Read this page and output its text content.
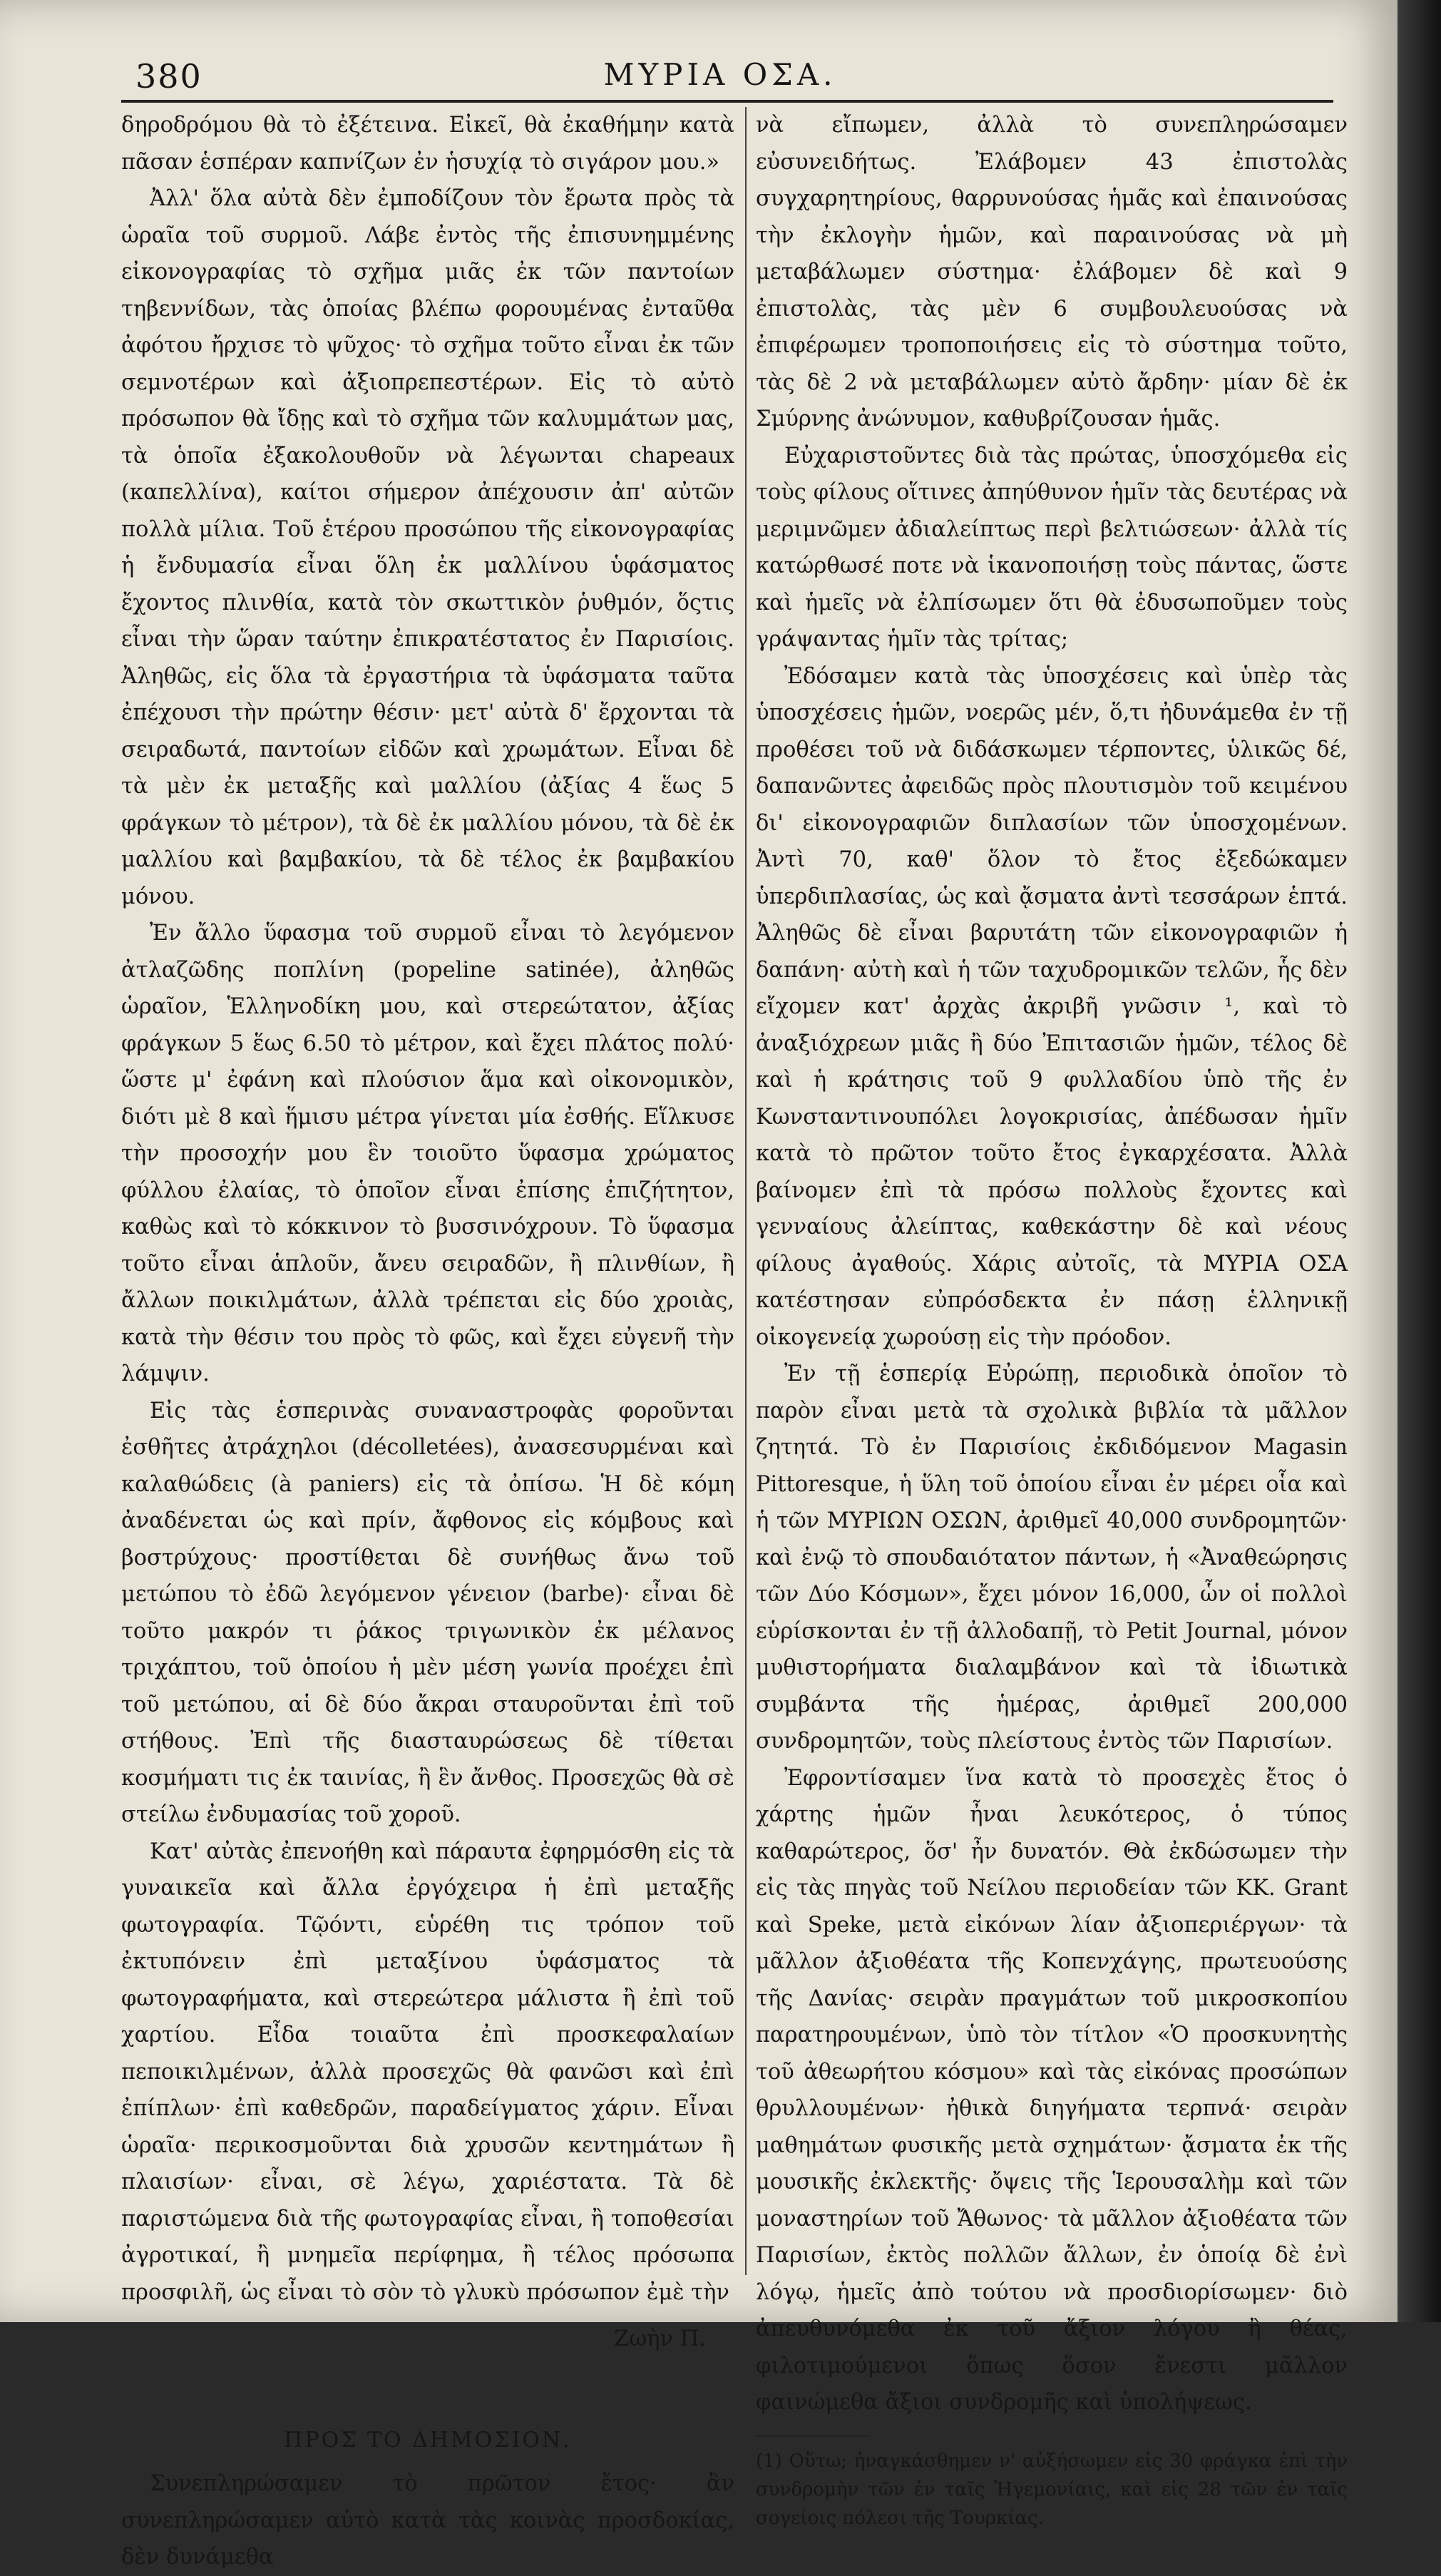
380	ΜΥΡΙΑ ΟΣΑ.

δηροδρόμου θὰ τὸ ἐξέτεινα. Εἰκεῖ, θὰ ἐκαθήμην κατὰ πᾶσαν ἑσπέραν καπνίζων ἐν ἡσυχίᾳ τὸ σιγάρον μου.»

Ἀλλ' ὅλα αὐτὰ δὲν ἐμποδίζουν τὸν ἔρωτα πρὸς τὰ ὡραῖα τοῦ συρμοῦ. Λάβε ἐντὸς τῆς ἐπισυνημμένης εἰκονογραφίας τὸ σχῆμα μιᾶς ἐκ τῶν παντοίων τηβεννίδων, τὰς ὁποίας βλέπω φορουμένας ἐνταῦθα ἀφότου ἤρχισε τὸ ψῦχος· τὸ σχῆμα τοῦτο εἶναι ἐκ τῶν σεμνοτέρων καὶ ἀξιοπρεπεστέρων. Εἰς τὸ αὐτὸ πρόσωπον θὰ ἴδῃς καὶ τὸ σχῆμα τῶν καλυμμάτων μας, τὰ ὁποῖα ἐξακολουθοῦν νὰ λέγωνται chapeaux (καπελλίνα), καίτοι σήμερον ἀπέχουσιν ἀπ' αὐτῶν πολλὰ μίλια. Τοῦ ἑτέρου προσώπου τῆς εἰκονογραφίας ἡ ἔνδυμασία εἶναι ὅλη ἐκ μαλλίνου ὑφάσματος ἔχοντος πλινθία, κατὰ τὸν σκωττικὸν ῥυθμόν, ὅςτις εἶναι τὴν ὥραν ταύτην ἐπικρατέστατος ἐν Παρισίοις. Ἀληθῶς, εἰς ὅλα τὰ ἐργαστήρια τὰ ὑφάσματα ταῦτα ἐπέχουσι τὴν πρώτην θέσιν· μετ' αὐτὰ δ' ἔρχονται τὰ σειραδωτά, παντοίων εἰδῶν καὶ χρωμάτων. Εἶναι δὲ τὰ μὲν ἐκ μεταξῆς καὶ μαλλίου (ἀξίας 4 ἕως 5 φράγκων τὸ μέτρον), τὰ δὲ ἐκ μαλλίου μόνου, τὰ δὲ ἐκ μαλλίου καὶ βαμβακίου, τὰ δὲ τέλος ἐκ βαμβακίου μόνου.

Ἐν ἄλλο ὕφασμα τοῦ συρμοῦ εἶναι τὸ λεγόμενον ἀτλαζῶδης ποπλίνη (popeline satinée), ἀληθῶς ὡραῖον, Ἑλληνοδίκη μου, καὶ στερεώτατον, ἀξίας φράγκων 5 ἕως 6.50 τὸ μέτρον, καὶ ἔχει πλάτος πολύ· ὥστε μ' ἐφάνη καὶ πλούσιον ἅμα καὶ οἰκονομικὸν, διότι μὲ 8 καὶ ἥμισυ μέτρα γίνεται μία ἐσθής. Εἵλκυσε τὴν προσοχήν μου ἓν τοιοῦτο ὕφασμα χρώματος φύλλου ἐλαίας, τὸ ὁποῖον εἶναι ἐπίσης ἐπιζήτητον, καθὼς καὶ τὸ κόκκινον τὸ βυσσινόχρουν. Τὸ ὕφασμα τοῦτο εἶναι ἁπλοῦν, ἄνευ σειραδῶν, ἢ πλινθίων, ἢ ἄλλων ποικιλμάτων, ἀλλὰ τρέπεται εἰς δύο χροιὰς, κατὰ τὴν θέσιν του πρὸς τὸ φῶς, καὶ ἔχει εὐγενῆ τὴν λάμψιν.

Εἰς τὰς ἑσπερινὰς συναναστροφὰς φοροῦνται ἐσθῆτες ἀτράχηλοι (décolletées), ἀνασεσυρμέναι καὶ καλαθώδεις (à paniers) εἰς τὰ ὀπίσω. Ἡ δὲ κόμη ἀναδένεται ὡς καὶ πρίν, ἄφθονος εἰς κόμβους καὶ βοστρύχους· προστίθεται δὲ συνήθως ἄνω τοῦ μετώπου τὸ ἐδῶ λεγόμενον γένειον (barbe)· εἶναι δὲ τοῦτο μακρόν τι ῥάκος τριγωνικὸν ἐκ μέλανος τριχάπτου, τοῦ ὁποίου ἡ μὲν μέση γωνία προέχει ἐπὶ τοῦ μετώπου, αἱ δὲ δύο ἄκραι σταυροῦνται ἐπὶ τοῦ στήθους. Ἐπὶ τῆς διασταυρώσεως δὲ τίθεται κοσμήματι τις ἐκ ταινίας, ἢ ἓν ἄνθος. Προσεχῶς θὰ σὲ στείλω ἐνδυμασίας τοῦ χοροῦ.

Κατ' αὐτὰς ἐπενοήθη καὶ πάραυτα ἐφηρμόσθη εἰς τὰ γυναικεῖα καὶ ἄλλα ἐργόχειρα ἡ ἐπὶ μεταξῆς φωτογραφία. Τῷόντι, εὑρέθη τις τρόπον τοῦ ἐκτυπόνειν ἐπὶ μεταξίνου ὑφάσματος τὰ φωτογραφήματα, καὶ στερεώτερα μάλιστα ἢ ἐπὶ τοῦ χαρτίου. Εἶδα τοιαῦτα ἐπὶ προσκεφαλαίων πεποικιλμένων, ἀλλὰ προσεχῶς θὰ φανῶσι καὶ ἐπὶ ἐπίπλων· ἐπὶ καθεδρῶν, παραδείγματος χάριν. Εἶναι ὡραῖα· περικοσμοῦνται διὰ χρυσῶν κεντημάτων ἢ πλαισίων· εἶναι, σὲ λέγω, χαριέστατα. Τὰ δὲ παριστώμενα διὰ τῆς φωτογραφίας εἶναι, ἢ τοποθεσίαι ἀγροτικαί, ἢ μνημεῖα περίφημα, ἢ τέλος πρόσωπα προσφιλῆ, ὡς εἶναι τὸ σὸν τὸ γλυκὺ πρόσωπον ἐμὲ τὴν

Ζωὴν Π.
ΠΡΟΣ ΤΟ ΔΗΜΟΣΙΟΝ.

Συνεπληρώσαμεν τὸ πρῶτον ἔτος· ἂν συνεπληρώσαμεν αὐτὸ κατὰ τὰς κοινὰς προσδοκίας, δὲν δυνάμεθα

νὰ εἴπωμεν, ἀλλὰ τὸ συνεπληρώσαμεν εὐσυνειδήτως. Ἐλάβομεν 43 ἐπιστολὰς συγχαρητηρίους, θαρρυνούσας ἡμᾶς καὶ ἐπαινούσας τὴν ἐκλογὴν ἡμῶν, καὶ παραινούσας νὰ μὴ μεταβάλωμεν σύστημα· ἐλάβομεν δὲ καὶ 9 ἐπιστολὰς, τὰς μὲν 6 συμβουλευούσας νὰ ἐπιφέρωμεν τροποποιήσεις εἰς τὸ σύστημα τοῦτο, τὰς δὲ 2 νὰ μεταβάλωμεν αὐτὸ ἄρδην· μίαν δὲ ἐκ Σμύρνης ἀνώνυμον, καθυβρίζουσαν ἡμᾶς.

Εὐχαριστοῦντες διὰ τὰς πρώτας, ὑποσχόμεθα εἰς τοὺς φίλους οἵτινες ἀπηύθυνον ἡμῖν τὰς δευτέρας νὰ μεριμνῶμεν ἀδιαλείπτως περὶ βελτιώσεων· ἀλλὰ τίς κατώρθωσέ ποτε νὰ ἱκανοποιήσῃ τοὺς πάντας, ὥστε καὶ ἡμεῖς νὰ ἐλπίσωμεν ὅτι θὰ ἐδυσωποῦμεν τοὺς γράψαντας ἡμῖν τὰς τρίτας;

Ἐδόσαμεν κατὰ τὰς ὑποσχέσεις καὶ ὑπὲρ τὰς ὑποσχέσεις ἡμῶν, νοερῶς μέν, ὅ,τι ἠδυνάμεθα ἐν τῇ προθέσει τοῦ νὰ διδάσκωμεν τέρποντες, ὑλικῶς δέ, δαπανῶντες ἀφειδῶς πρὸς πλουτισμὸν τοῦ κειμένου δι' εἰκονογραφιῶν διπλασίων τῶν ὑποσχομένων. Ἀντὶ 70, καθ' ὅλον τὸ ἔτος ἐξεδώκαμεν ὑπερδιπλασίας, ὡς καὶ ᾄσματα ἀντὶ τεσσάρων ἑπτά. Ἀληθῶς δὲ εἶναι βαρυτάτη τῶν εἰκονογραφιῶν ἡ δαπάνη· αὐτὴ καὶ ἡ τῶν ταχυδρομικῶν τελῶν, ἧς δὲν εἴχομεν κατ' ἀρχὰς ἀκριβῆ γνῶσιν ¹, καὶ τὸ ἀναξιόχρεων μιᾶς ἢ δύο Ἐπιτασιῶν ἡμῶν, τέλος δὲ καὶ ἡ κράτησις τοῦ 9 φυλλαδίου ὑπὸ τῆς ἐν Κωνσταντινουπόλει λογοκρισίας, ἀπέδωσαν ἡμῖν κατὰ τὸ πρῶτον τοῦτο ἔτος ἐγκαρχέσατα. Ἀλλὰ βαίνομεν ἐπὶ τὰ πρόσω πολλοὺς ἔχοντες καὶ γενναίους ἀλείπτας, καθεκάστην δὲ καὶ νέους φίλους ἀγαθούς. Χάρις αὐτοῖς, τὰ ΜΥΡΙΑ ΟΣΑ κατέστησαν εὐπρόσδεκτα ἐν πάσῃ ἑλληνικῇ οἰκογενείᾳ χωρούσῃ εἰς τὴν πρόοδον.

Ἐν τῇ ἑσπερίᾳ Εὐρώπῃ, περιοδικὰ ὁποῖον τὸ παρὸν εἶναι μετὰ τὰ σχολικὰ βιβλία τὰ μᾶλλον ζητητά. Τὸ ἐν Παρισίοις ἐκδιδόμενον Magasin Pittoresque, ἡ ὕλη τοῦ ὁποίου εἶναι ἐν μέρει οἷα καὶ ἡ τῶν ΜΥΡΙΩΝ ΟΣΩΝ, ἀριθμεῖ 40,000 συνδρομητῶν· καὶ ἐνῷ τὸ σπουδαιότατον πάντων, ἡ «Ἀναθεώρησις τῶν Δύο Κόσμων», ἔχει μόνον 16,000, ὧν οἱ πολλοὶ εὑρίσκονται ἐν τῇ ἀλλοδαπῇ, τὸ Petit Journal, μόνον μυθιστορήματα διαλαμβάνον καὶ τὰ ἰδιωτικὰ συμβάντα τῆς ἡμέρας, ἀριθμεῖ 200,000 συνδρομητῶν, τοὺς πλείστους ἐντὸς τῶν Παρισίων.

Ἐφροντίσαμεν ἵνα κατὰ τὸ προσεχὲς ἔτος ὁ χάρτης ἡμῶν ἦναι λευκότερος, ὁ τύπος καθαρώτερος, ὅσ' ἦν δυνατόν. Θὰ ἐκδώσωμεν τὴν εἰς τὰς πηγὰς τοῦ Νείλου περιοδείαν τῶν ΚΚ. Grant καὶ Speke, μετὰ εἰκόνων λίαν ἀξιοπεριέργων· τὰ μᾶλλον ἀξιοθέατα τῆς Κοπενχάγης, πρωτευούσης τῆς Δανίας· σειρὰν πραγμάτων τοῦ μικροσκοπίου παρατηρουμένων, ὑπὸ τὸν τίτλον «Ὁ προσκυνητὴς τοῦ ἀθεωρήτου κόσμου» καὶ τὰς εἰκόνας προσώπων θρυλλουμένων· ἠθικὰ διηγήματα τερπνά· σειρὰν μαθημάτων φυσικῆς μετὰ σχημάτων· ᾄσματα ἐκ τῆς μουσικῆς ἐκλεκτῆς· ὄψεις τῆς Ἱερουσαλὴμ καὶ τῶν μοναστηρίων τοῦ Ἄθωνος· τὰ μᾶλλον ἀξιοθέατα τῶν Παρισίων, ἐκτὸς πολλῶν ἄλλων, ἐν ὁποίᾳ δὲ ἐνὶ λόγῳ, ἡμεῖς ἀπὸ τούτου νὰ προσδιορίσωμεν· διὸ ἀπευθυνόμεθα ἐκ τοῦ ἄξιον λόγου ἢ θέας, φιλοτιμούμενοι ὅπως ὅσον ἔνεστι μᾶλλον φαινώμεθα ἄξιοι συνδρομῆς καὶ ὑπολήψεως.

(1) Οὕτω; ἠναγκάσθημεν ν' αὐξήσωμεν εἰς 30 φράγκα ἐπὶ τὴν συνδρομὴν τῶν ἐν ταῖς Ἡγεμονίαις, καὶ εἰς 28 τῶν ἐν ταῖς σογείοις πόλεσι τῆς Τουρκίας.
